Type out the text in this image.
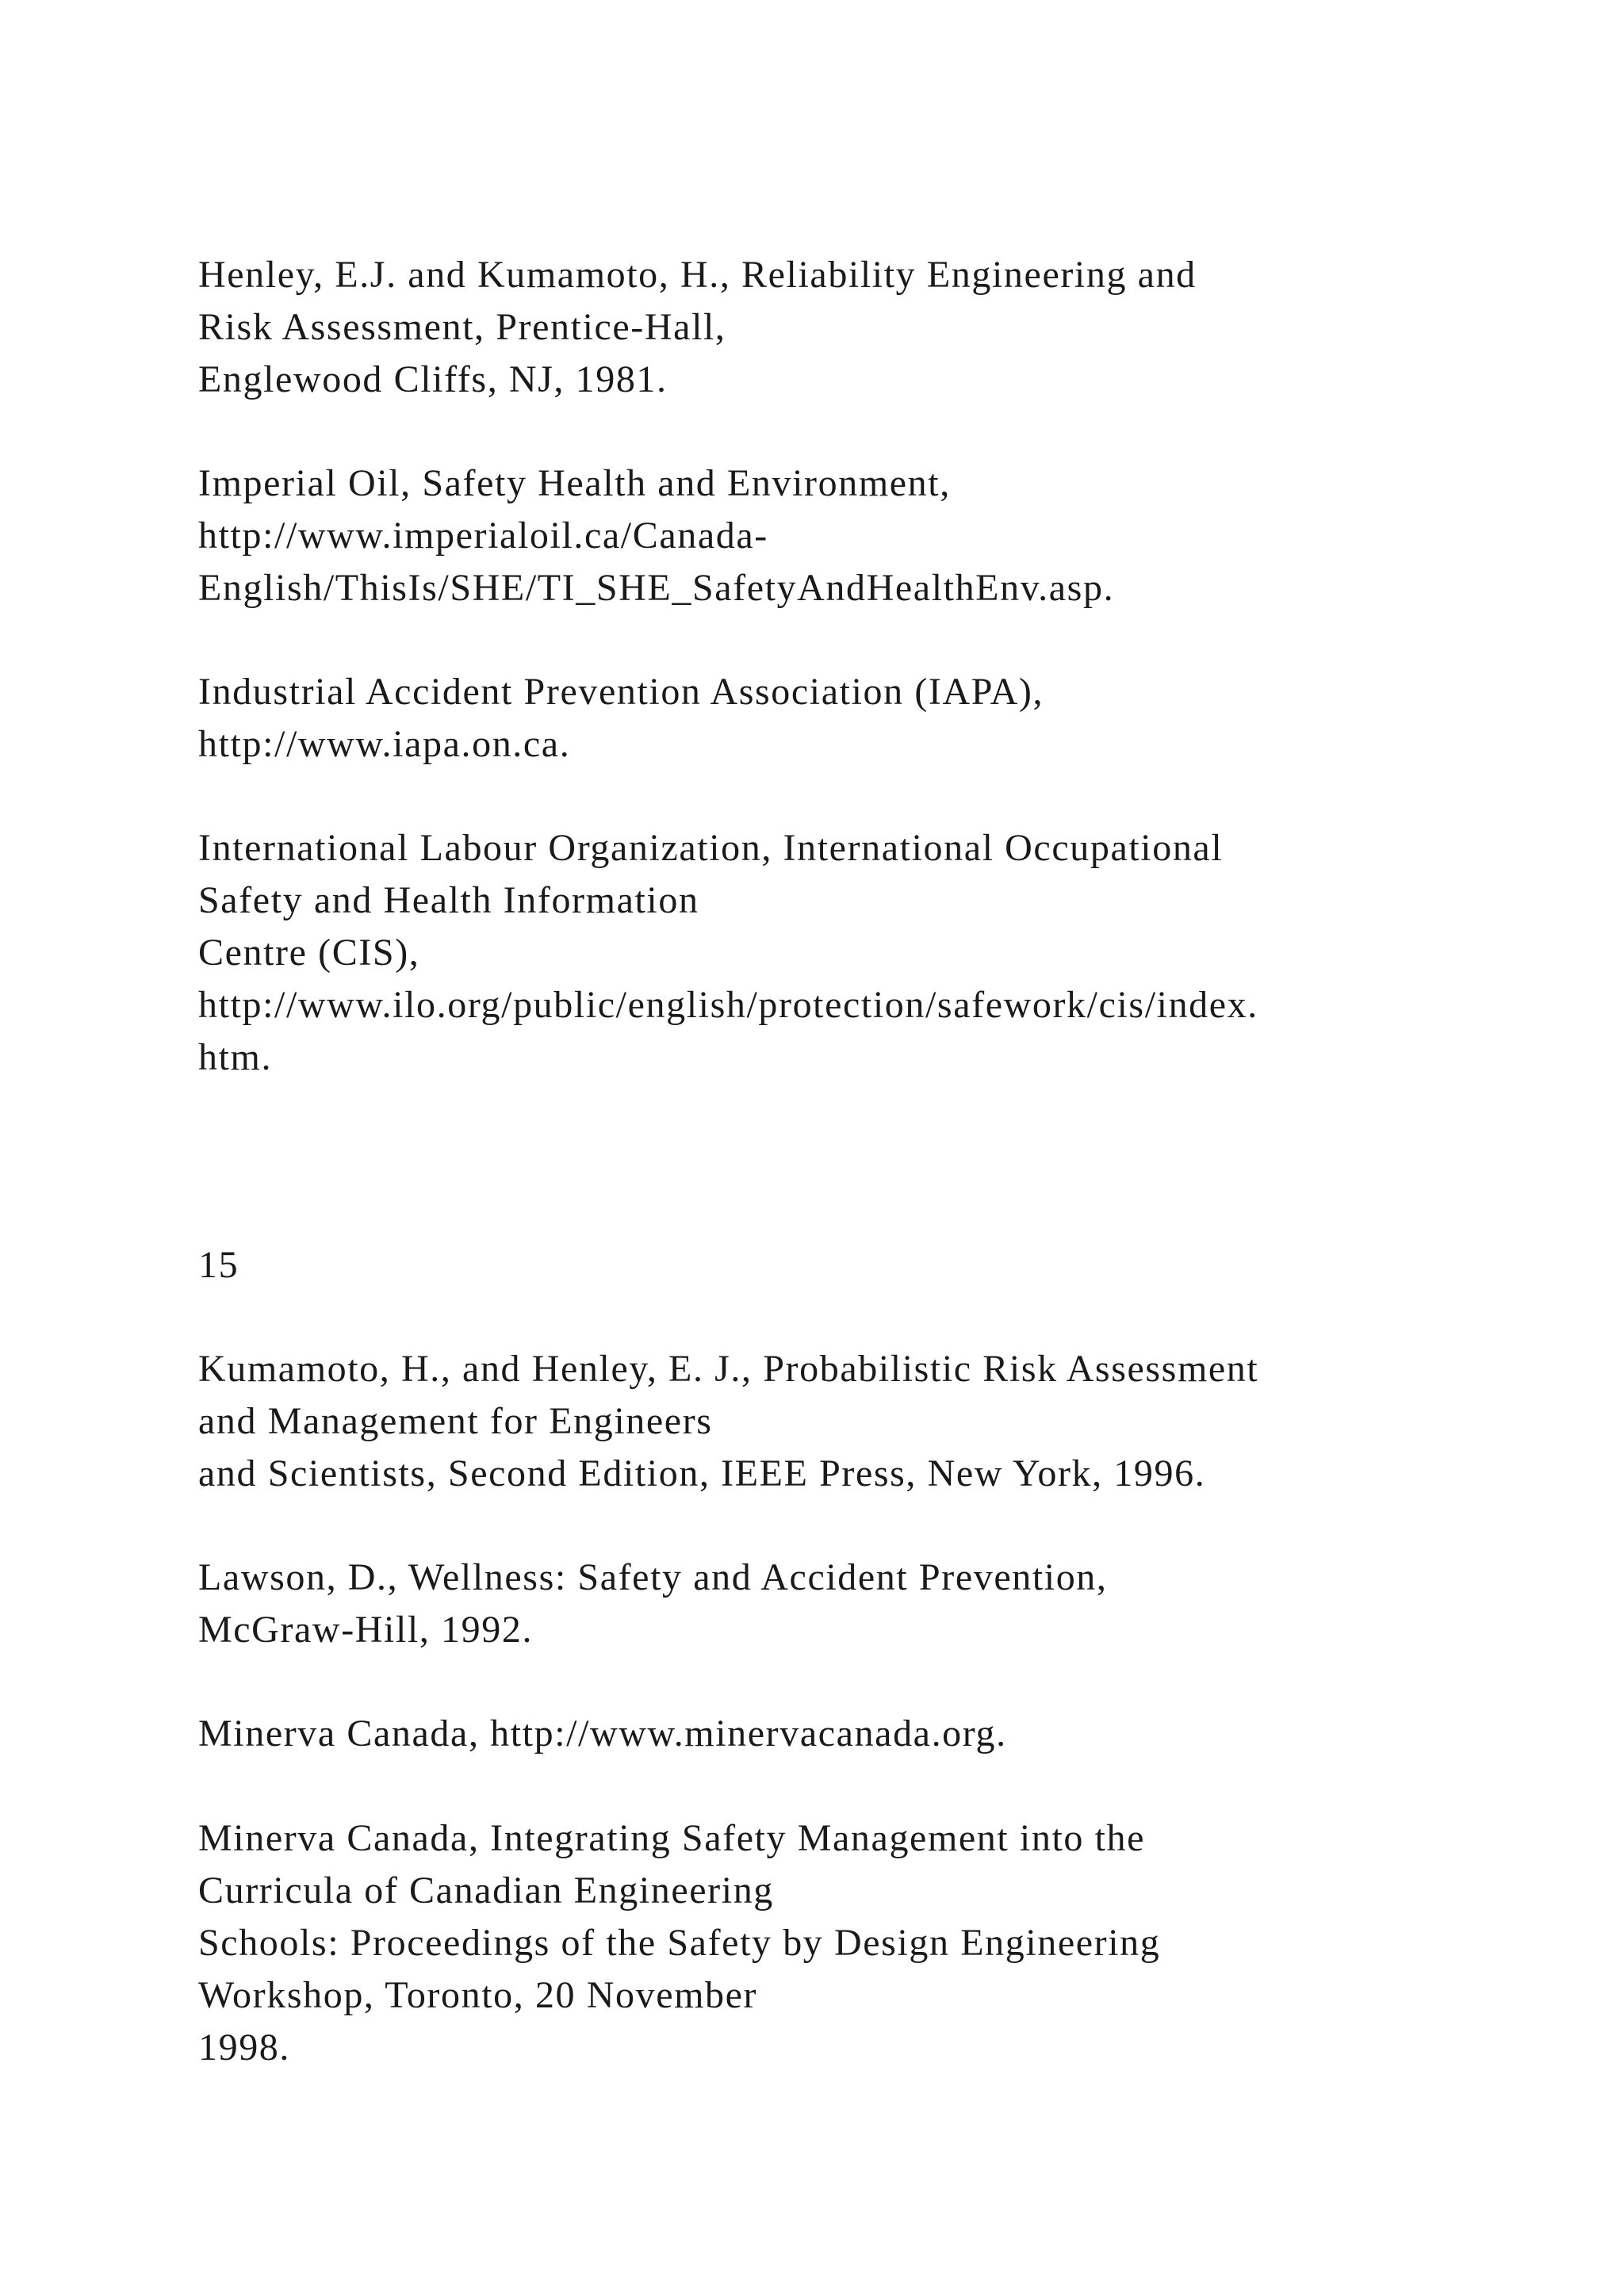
Henley, E.J. and Kumamoto, H., Reliability Engineering and
Risk Assessment, Prentice-Hall,
Englewood Cliffs, NJ, 1981.

Imperial Oil, Safety Health and Environment,
http://www.imperialoil.ca/Canada-
English/ThisIs/SHE/TI_SHE_SafetyAndHealthEnv.asp.

Industrial Accident Prevention Association (IAPA),
http://www.iapa.on.ca.

International Labour Organization, International Occupational
Safety and Health Information
Centre (CIS),
http://www.ilo.org/public/english/protection/safework/cis/index.
htm.

15

Kumamoto, H., and Henley, E. J., Probabilistic Risk Assessment
and Management for Engineers
and Scientists, Second Edition, IEEE Press, New York, 1996.

Lawson, D., Wellness: Safety and Accident Prevention,
McGraw-Hill, 1992.

Minerva Canada, http://www.minervacanada.org.

Minerva Canada, Integrating Safety Management into the
Curricula of Canadian Engineering
Schools: Proceedings of the Safety by Design Engineering
Workshop, Toronto, 20 November
1998.
